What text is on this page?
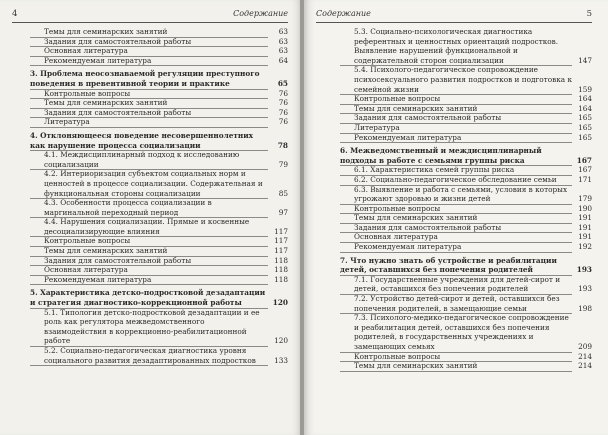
4	Содержание
Темы для семинарских занятий	63
Задания для самостоятельной работы	63
Основная литература	63
Рекомендуемая литература	64
3. Проблема неосознаваемой регуляции преступного поведения в превентивной теории и практике	65
Контрольные вопросы	76
Темы для семинарских занятий	76
Задания для самостоятельной работы	76
Литература	76
4. Отклоняющееся поведение несовершеннолетних как нарушение процесса социализации	78
4.1. Междисциплинарный подход к исследованию социализации	79
4.2. Интериоризация субъектом социальных норм и ценностей в процессе социализации. Содержательная и функциональная стороны социализации	85
4.3. Особенности процесса социализации в маргинальной переходный период	97
4.4. Нарушения социализации. Прямые и косвенные десоциализирующие влияния	117
Контрольные вопросы	117
Темы для семинарских занятий	117
Задания для самостоятельной работы	118
Основная литература	118
Рекомендуемая литература	118
5. Характеристика детско-подростковой дезадаптации и стратегия диагностико-коррекционной работы	120
5.1. Типология детско-подростковой дезадаптации и ее роль как регулятора межведомственного взаимодействия в коррекционно-реабилитационной работе	120
5.2. Социально-педагогическая диагностика уровня социального развития дезадаптированных подростков	133
Содержание	5
5.3. Социально-психологическая диагностика референтных и ценностных ориентаций подростков. Выявление нарушений функциональной и содержательной сторон социализации	147
5.4. Психолого-педагогическое сопровождение психосексуального развития подростков и подготовка к семейной жизни	159
Контрольные вопросы	164
Темы для семинарских занятий	164
Задания для самостоятельной работы	165
Литература	165
Рекомендуемая литература	165
6. Межведомственный и междисциплинарный подходы в работе с семьями группы риска	167
6.1. Характеристика семей группы риска	167
6.2. Социально-педагогическое обследование семьи	171
6.3. Выявление и работа с семьями, условия в которых угрожают здоровью и жизни детей	179
Контрольные вопросы	190
Темы для семинарских занятий	191
Задания для самостоятельной работы	191
Основная литература	191
Рекомендуемая литература	192
7. Что нужно знать об устройстве и реабилитации детей, оставшихся без попечения родителей	193
7.1. Государственные учреждения для детей-сирот и детей, оставшихся без попечения родителей	193
7.2. Устройство детей-сирот и детей, оставшихся без попечения родителей, в замещающие семьи	198
7.3. Психолого-медико-педагогическое сопровождение и реабилитация детей, оставшихся без попечения родителей, в государственных учреждениях и замещающих семьях	209
Контрольные вопросы	214
Темы для семинарских занятий	214
